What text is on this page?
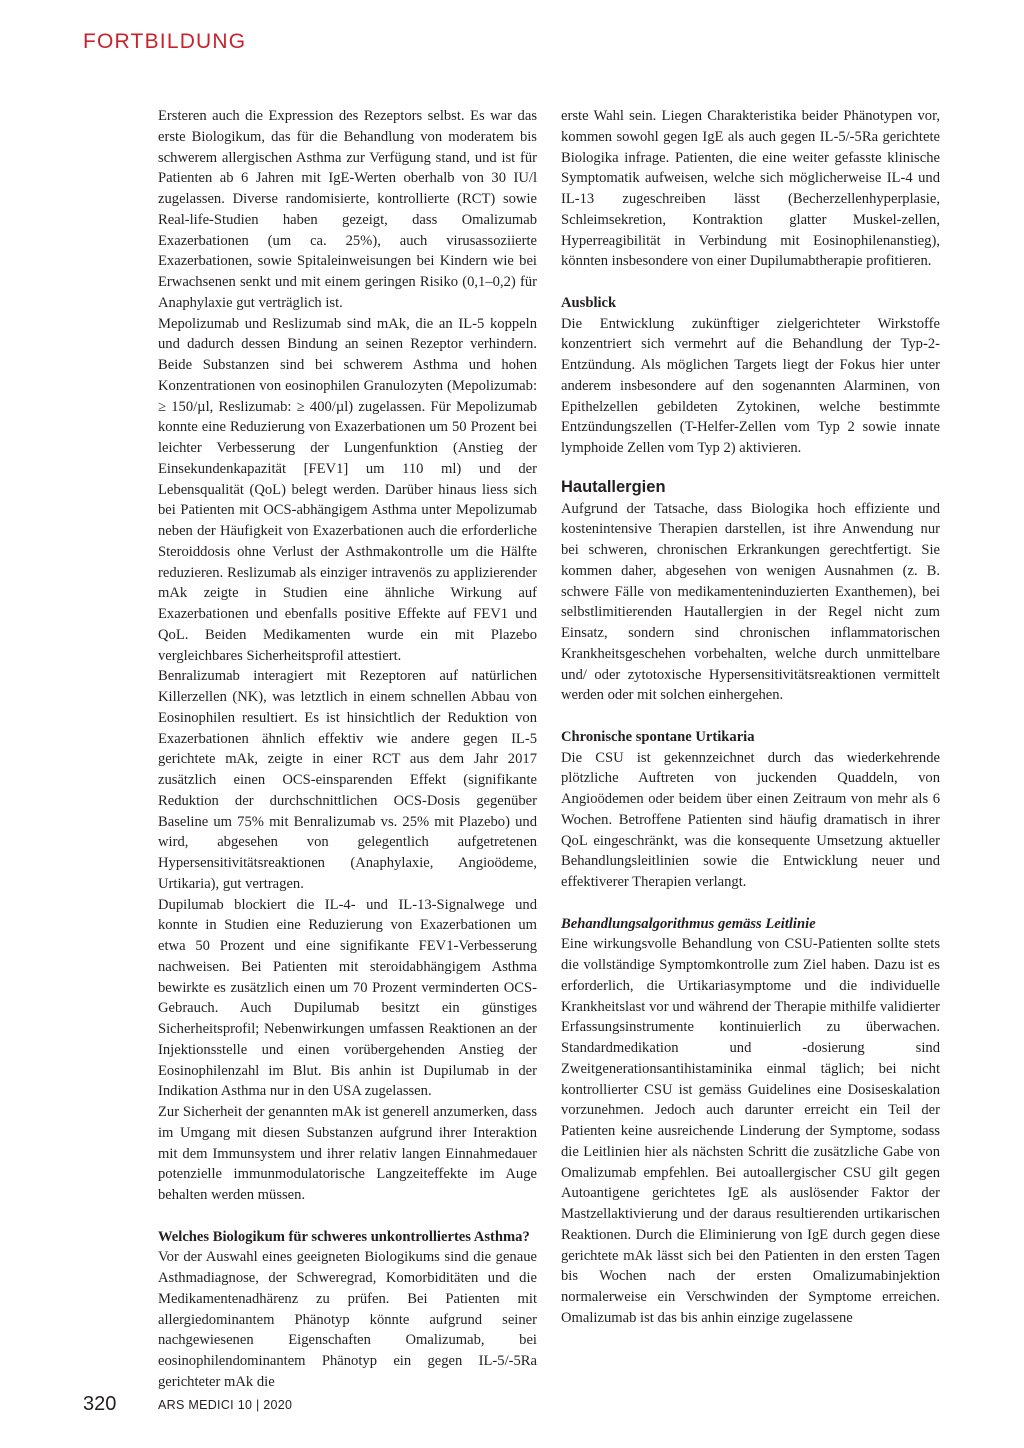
FORTBILDUNG

Ersteren auch die Expression des Rezeptors selbst. Es war das erste Biologikum, das für die Behandlung von moderatem bis schwerem allergischen Asthma zur Verfügung stand, und ist für Patienten ab 6 Jahren mit IgE-Werten oberhalb von 30 IU/l zugelassen. Diverse randomisierte, kontrollierte (RCT) sowie Real-life-Studien haben gezeigt, dass Omalizumab Exazerbationen (um ca. 25%), auch virusassoziierte Exazerbationen, sowie Spitaleinweisungen bei Kindern wie bei Erwachsenen senkt und mit einem geringen Risiko (0,1–0,2) für Anaphylaxie gut verträglich ist.

Mepolizumab und Reslizumab sind mAk, die an IL-5 koppeln und dadurch dessen Bindung an seinen Rezeptor verhindern. Beide Substanzen sind bei schwerem Asthma und hohen Konzentrationen von eosinophilen Granulozyten (Mepolizumab: ≥ 150/µl, Reslizumab: ≥ 400/µl) zugelassen. Für Mepolizumab konnte eine Reduzierung von Exazerbationen um 50 Prozent bei leichter Verbesserung der Lungenfunktion (Anstieg der Einsekundenkapazität [FEV1] um 110 ml) und der Lebensqualität (QoL) belegt werden. Darüber hinaus liess sich bei Patienten mit OCS-abhängigem Asthma unter Mepolizumab neben der Häufigkeit von Exazerbationen auch die erforderliche Steroiddosis ohne Verlust der Asthmakontrolle um die Hälfte reduzieren. Reslizumab als einziger intravenös zu applizierender mAk zeigte in Studien eine ähnliche Wirkung auf Exazerbationen und ebenfalls positive Effekte auf FEV1 und QoL. Beiden Medikamenten wurde ein mit Plazebo vergleichbares Sicherheitsprofil attestiert.

Benralizumab interagiert mit Rezeptoren auf natürlichen Killerzellen (NK), was letztlich in einem schnellen Abbau von Eosinophilen resultiert. Es ist hinsichtlich der Reduktion von Exazerbationen ähnlich effektiv wie andere gegen IL-5 gerichtete mAk, zeigte in einer RCT aus dem Jahr 2017 zusätzlich einen OCS-einsparenden Effekt (signifikante Reduktion der durchschnittlichen OCS-Dosis gegenüber Baseline um 75% mit Benralizumab vs. 25% mit Plazebo) und wird, abgesehen von gelegentlich aufgetretenen Hypersensitivitätsreaktionen (Anaphylaxie, Angioödeme, Urtikaria), gut vertragen.

Dupilumab blockiert die IL-4- und IL-13-Signalwege und konnte in Studien eine Reduzierung von Exazerbationen um etwa 50 Prozent und eine signifikante FEV1-Verbesserung nachweisen. Bei Patienten mit steroidabhängigem Asthma bewirkte es zusätzlich einen um 70 Prozent verminderten OCS-Gebrauch. Auch Dupilumab besitzt ein günstiges Sicherheitsprofil; Nebenwirkungen umfassen Reaktionen an der Injektionsstelle und einen vorübergehenden Anstieg der Eosinophilenzahl im Blut. Bis anhin ist Dupilumab in der Indikation Asthma nur in den USA zugelassen.

Zur Sicherheit der genannten mAk ist generell anzumerken, dass im Umgang mit diesen Substanzen aufgrund ihrer Interaktion mit dem Immunsystem und ihrer relativ langen Einnahmedauer potenzielle immunmodulatorische Langzeiteffekte im Auge behalten werden müssen.

Welches Biologikum für schweres unkontrolliertes Asthma?

Vor der Auswahl eines geeigneten Biologikums sind die genaue Asthmadiagnose, der Schweregrad, Komorbiditäten und die Medikamentenadhärenz zu prüfen. Bei Patienten mit allergiedominantem Phänotyp könnte aufgrund seiner nachgewiesenen Eigenschaften Omalizumab, bei eosinophilendominantem Phänotyp ein gegen IL-5/-5Ra gerichteter mAk die

erste Wahl sein. Liegen Charakteristika beider Phänotypen vor, kommen sowohl gegen IgE als auch gegen IL-5/-5Ra gerichtete Biologika infrage. Patienten, die eine weiter gefasste klinische Symptomatik aufweisen, welche sich möglicherweise IL-4 und IL-13 zugeschreiben lässt (Becherzellenhyperplasie, Schleimsekretion, Kontraktion glatter Muskel-zellen, Hyperreagibilität in Verbindung mit Eosinophilenanstieg), könnten insbesondere von einer Dupilumabtherapie profitieren.

Ausblick

Die Entwicklung zukünftiger zielgerichteter Wirkstoffe konzentriert sich vermehrt auf die Behandlung der Typ-2-Entzündung. Als möglichen Targets liegt der Fokus hier unter anderem insbesondere auf den sogenannten Alarminen, von Epithelzellen gebildeten Zytokinen, welche bestimmte Entzündungszellen (T-Helfer-Zellen vom Typ 2 sowie innate lymphoide Zellen vom Typ 2) aktivieren.

Hautallergien

Aufgrund der Tatsache, dass Biologika hoch effiziente und kostenintensive Therapien darstellen, ist ihre Anwendung nur bei schweren, chronischen Erkrankungen gerechtfertigt. Sie kommen daher, abgesehen von wenigen Ausnahmen (z. B. schwere Fälle von medikamenteninduzierten Exanthemen), bei selbstlimitierenden Hautallergien in der Regel nicht zum Einsatz, sondern sind chronischen inflammatorischen Krankheitsgeschehen vorbehalten, welche durch unmittelbare und/ oder zytotoxische Hypersensitivitätsreaktionen vermittelt werden oder mit solchen einhergehen.

Chronische spontane Urtikaria

Die CSU ist gekennzeichnet durch das wiederkehrende plötzliche Auftreten von juckenden Quaddeln, von Angioödemen oder beidem über einen Zeitraum von mehr als 6 Wochen. Betroffene Patienten sind häufig dramatisch in ihrer QoL eingeschränkt, was die konsequente Umsetzung aktueller Behandlungsleitlinien sowie die Entwicklung neuer und effektiverer Therapien verlangt.

Behandlungsalgorithmus gemäss Leitlinie

Eine wirkungsvolle Behandlung von CSU-Patienten sollte stets die vollständige Symptomkontrolle zum Ziel haben. Dazu ist es erforderlich, die Urtikariasymptome und die individuelle Krankheitslast vor und während der Therapie mithilfe validierter Erfassungsinstrumente kontinuierlich zu überwachen. Standardmedikation und -dosierung sind Zweitgenerationsantihistaminika einmal täglich; bei nicht kontrollierter CSU ist gemäss Guidelines eine Dosiseskalation vorzunehmen. Jedoch auch darunter erreicht ein Teil der Patienten keine ausreichende Linderung der Symptome, sodass die Leitlinien hier als nächsten Schritt die zusätzliche Gabe von Omalizumab empfehlen. Bei autoallergischer CSU gilt gegen Autoantigene gerichtetes IgE als auslösender Faktor der Mastzellaktivierung und der daraus resultierenden urtikarischen Reaktionen. Durch die Eliminierung von IgE durch gegen diese gerichtete mAk lässt sich bei den Patienten in den ersten Tagen bis Wochen nach der ersten Omalizumabinjektion normalerweise ein Verschwinden der Symptome erreichen. Omalizumab ist das bis anhin einzige zugelassene

320	ARS MEDICI 10 | 2020
